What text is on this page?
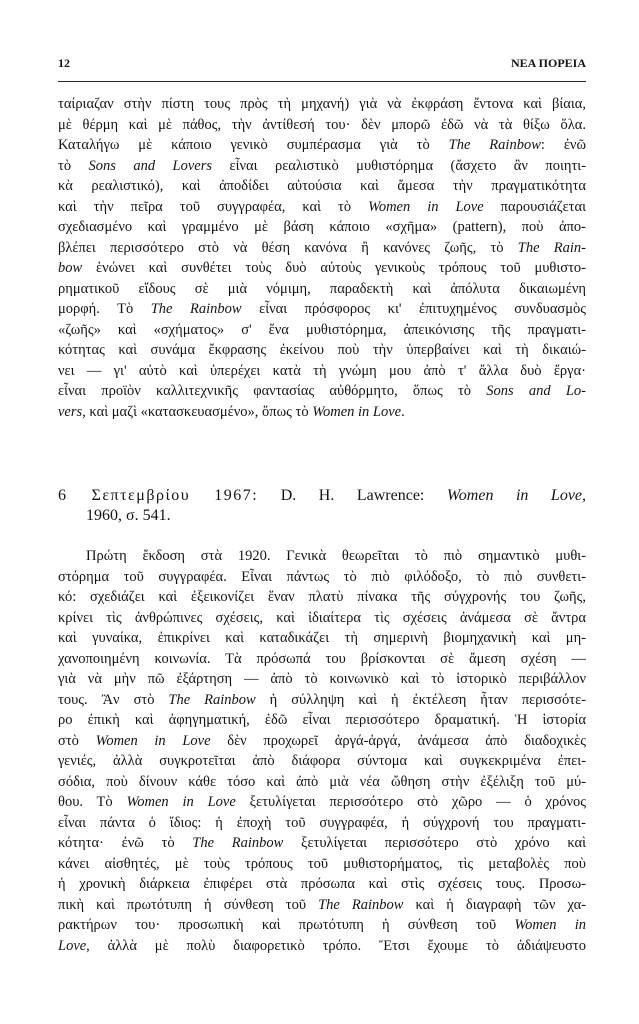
12	ΝΕΑ ΠΟΡΕΙΑ
ταίριαζαν στὴν πίστη τους πρὸς τὴ μηχανή) γιὰ νὰ ἐκφράση ἔντονα καὶ βίαια,
μὲ θέρμη καὶ μὲ πάθος, τὴν ἀντίθεσή του· δὲν μπορῶ ἐδῶ νὰ τὰ θίξω ὅλα.
Καταλήγω μὲ κάποιο γενικὸ συμπέρασμα γιὰ τὸ The Rainbow: ἐνῶ
τὸ Sons and Lovers εἶναι ρεαλιστικὸ μυθιστόρημα (ἄσχετο ἂν ποιητι-
κὰ ρεαλιστικό), καὶ ἀποδίδει αὐτούσια καὶ ἄμεσα τὴν πραγματικότητα
καὶ τὴν πεῖρα τοῦ συγγραφέα, καὶ τὸ Women in Love παρουσιάζεται
σχεδιασμένο καὶ γραμμένο μὲ βάση κάποιο «σχῆμα» (pattern), ποὺ ἀπο-
βλέπει περισσότερο στὸ νὰ θέση κανόνα ἢ κανόνες ζωῆς, τὸ The Rain-
bow ἑνώνει καὶ συνθέτει τοὺς δυὸ αὐτοὺς γενικοὺς τρόπους τοῦ μυθιστο-
ρηματικοῦ εἴδους σὲ μιὰ νόμιμη, παραδεκτὴ καὶ ἀπόλυτα δικαιωμένη
μορφή. Τὸ The Rainbow εἶναι πρόσφορος κι' ἐπιτυχημένος συνδυασμὸς
«ζωῆς» καὶ «σχήματος» σ' ἕνα μυθιστόρημα, ἀπεικόνισης τῆς πραγματι-
κότητας καὶ συνάμα ἔκφρασης ἐκείνου ποὺ τὴν ὑπερβαίνει καὶ τὴ δικαιώ-
νει — γι' αὐτὸ καὶ ὑπερέχει κατὰ τὴ γνώμη μου ἀπὸ τ' ἄλλα δυὸ ἔργα·
εἶναι προϊὸν καλλιτεχνικῆς φαντασίας αὐθόρμητο, ὅπως τὸ Sons and Lo-
vers, καὶ μαζὶ «κατασκευασμένο», ὅπως τὸ Women in Love.
6 Σεπτεμβρίου 1967: D. H. Lawrence: Women in Love,
1960, σ. 541.
Πρώτη ἔκδοση στὰ 1920. Γενικὰ θεωρεῖται τὸ πιὸ σημαντικὸ μυθι-
στόρημα τοῦ συγγραφέα. Εἶναι πάντως τὸ πιὸ φιλόδοξο, τὸ πιὸ συνθετι-
κό: σχεδιάζει καὶ ἐξεικονίζει ἕναν πλατὺ πίνακα τῆς σύγχρονής του ζωῆς,
κρίνει τὶς ἀνθρώπινες σχέσεις, καὶ ἰδιαίτερα τὶς σχέσεις ἀνάμεσα σὲ ἄντρα
καὶ γυναίκα, ἐπικρίνει καὶ καταδικάζει τὴ σημερινὴ βιομηχανικὴ καὶ μη-
χανοποιημένη κοινωνία. Τὰ πρόσωπά του βρίσκονται σὲ ἄμεση σχέση —
γιὰ νὰ μὴν πῶ ἐξάρτηση — ἀπὸ τὸ κοινωνικὸ καὶ τὸ ἱστορικὸ περιβάλλον
τους. Ἂν στὸ The Rainbow ἡ σύλληψη καὶ ἡ ἐκτέλεση ἦταν περισσότε-
ρο ἐπικὴ καὶ ἀφηγηματική, ἐδῶ εἶναι περισσότερο δραματική. Ἡ ἱστορία
στὸ Women in Love δὲν προχωρεῖ ἀργά-ἀργά, ἀνάμεσα ἀπὸ διαδοχικὲς
γενιές, ἀλλὰ συγκροτεῖται ἀπὸ διάφορα σύντομα καὶ συγκεκριμένα ἐπει-
σόδια, ποὺ δίνουν κάθε τόσο καὶ ἀπὸ μιὰ νέα ὤθηση στὴν ἐξέλιξη τοῦ μύ-
θου. Τὸ Women in Love ξετυλίγεται περισσότερο στὸ χῶρο — ὁ χρόνος
εἶναι πάντα ὁ ἴδιος: ἡ ἐποχὴ τοῦ συγγραφέα, ἡ σύγχρονή του πραγματι-
κότητα· ἐνῶ τὸ The Rainbow ξετυλίγεται περισσότερο στὸ χρόνο καὶ
κάνει αἰσθητές, μὲ τοὺς τρόπους τοῦ μυθιστορήματος, τὶς μεταβολὲς ποὺ
ἡ χρονικὴ διάρκεια ἐπιφέρει στὰ πρόσωπα καὶ στὶς σχέσεις τους. Προσω-
πικὴ καὶ πρωτότυπη ἡ σύνθεση τοῦ The Rainbow καὶ ἡ διαγραφὴ τῶν χα-
ρακτήρων του· προσωπικὴ καὶ πρωτότυπη ἡ σύνθεση τοῦ Women in
Love, ἀλλὰ μὲ πολὺ διαφορετικὸ τρόπο. Ἔτσι ἔχουμε τὸ ἀδιάψευστο
